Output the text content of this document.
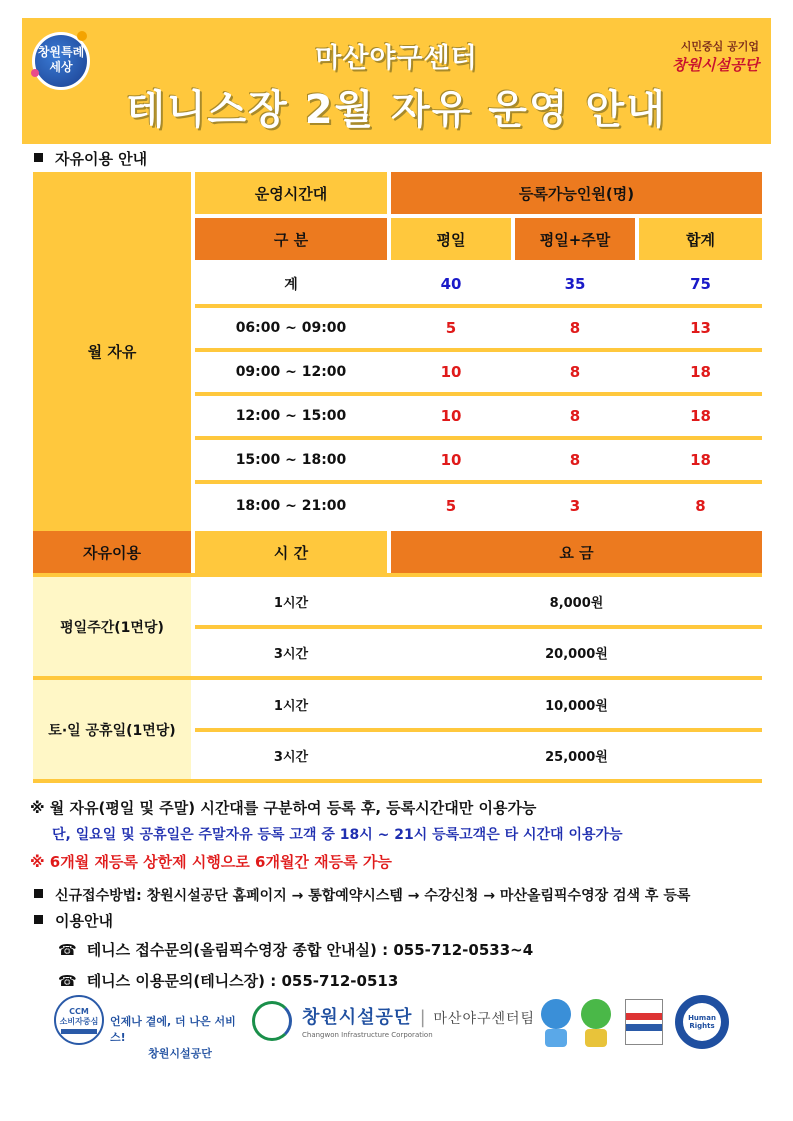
창원특례
세상	마산야구센터
테니스장 2월 자유 운영 안내
시민중심 공기업
창원시설공단
자유이용 안내
월 자유
운영시간대	등록가능인원(명)
구 분	평일	평일+주말	합계
계	40	35	75
06:00 ~ 09:00	5	8	13
09:00 ~ 12:00	10	8	18
12:00 ~ 15:00	10	8	18
15:00 ~ 18:00	10	8	18
18:00 ~ 21:00	5	3	8
자유이용	시 간	요 금
평일주간(1면당)
1시간	8,000원
3시간	20,000원
토·일 공휴일(1면당)
1시간	10,000원
3시간	25,000원
※ 월 자유(평일 및 주말) 시간대를 구분하여 등록 후, 등록시간대만 이용가능
단, 일요일 및 공휴일은 주말자유 등록 고객 중 18시 ~ 21시 등록고객은 타 시간대 이용가능
※ 6개월 재등록 상한제 시행으로 6개월간 재등록 가능
신규접수방법: 창원시설공단 홈페이지 → 통합예약시스템 → 수강신청 → 마산올림픽수영장 검색 후 등록
이용안내
☎ 테니스 접수문의(올림픽수영장 종합 안내실) : 055-712-0533~4
☎ 테니스 이용문의(테니스장) : 055-712-0513
CCM
소비자중심 언제나 곁에, 더 나은 서비스!
창원시설공단
창원시설공단 | 마산야구센터팀
Changwon Infrastructure Corporation
Human Rights
